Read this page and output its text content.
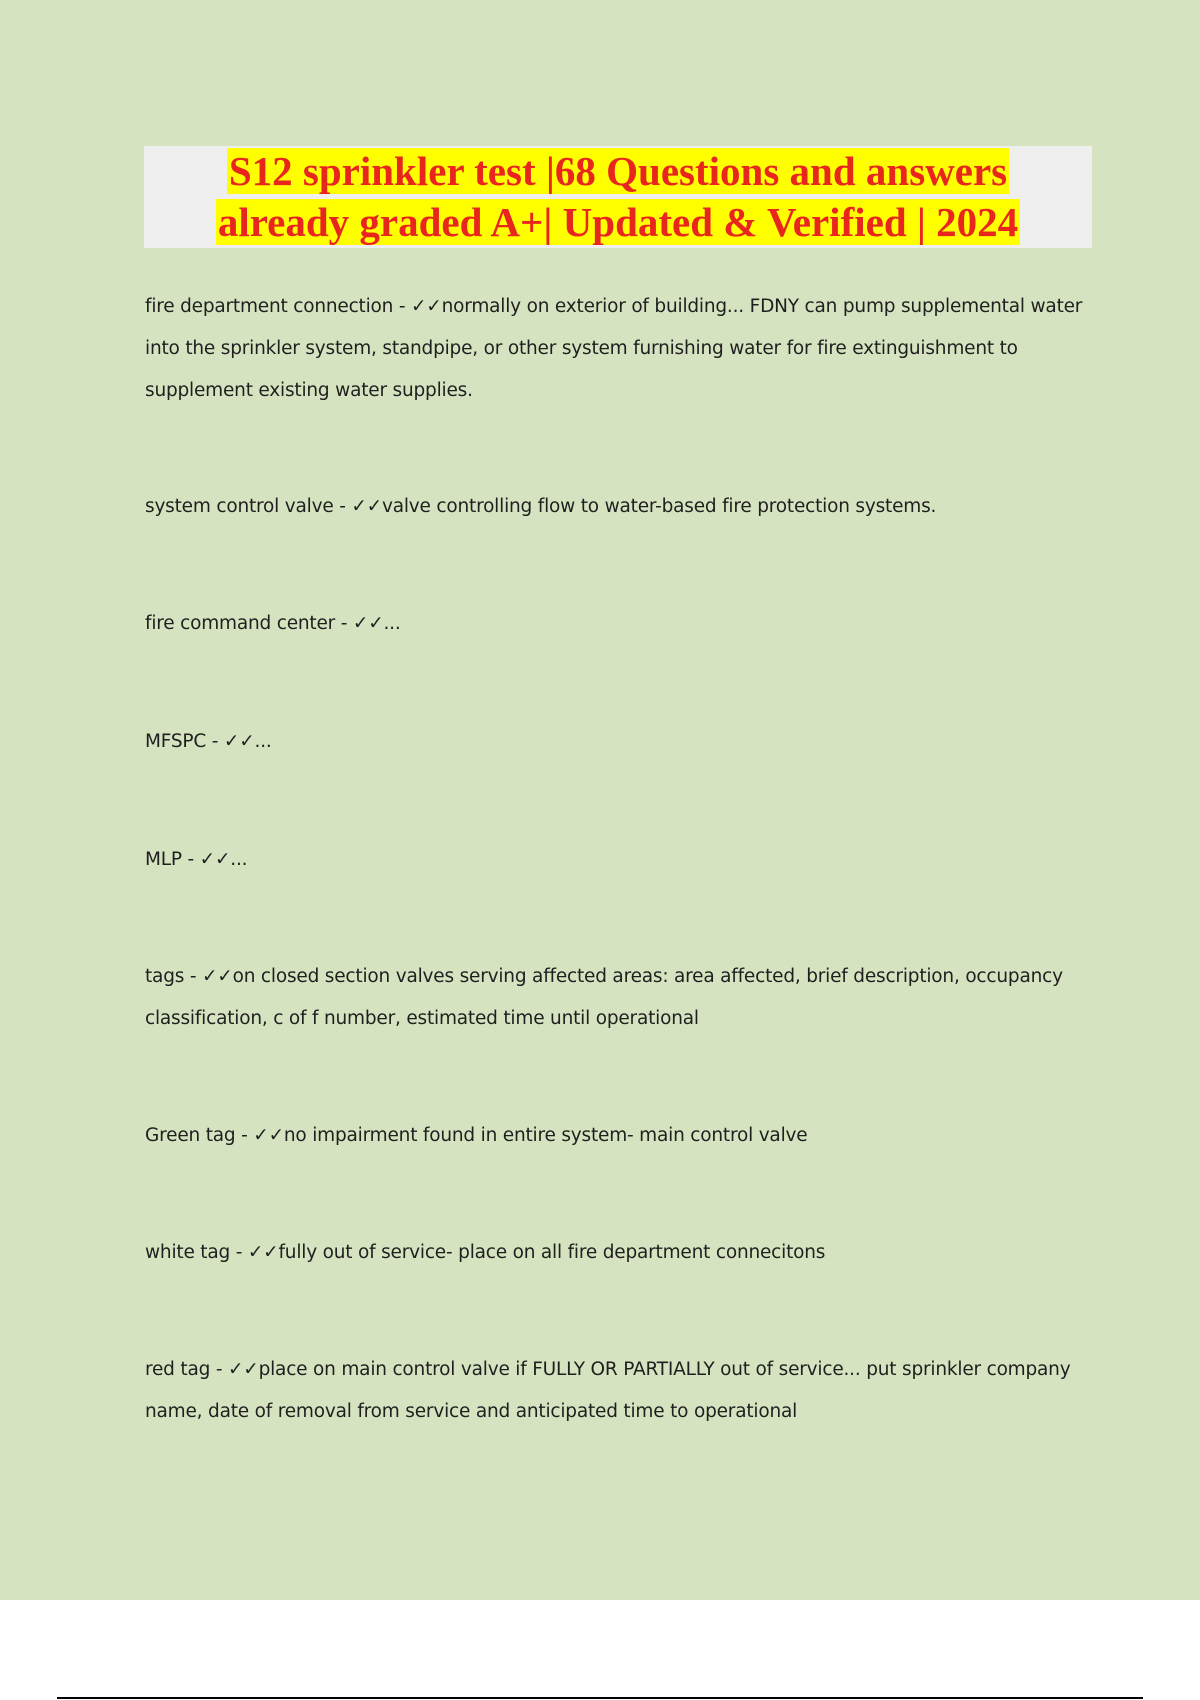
S12 sprinkler test |68 Questions and answers
already graded A+| Updated & Verified | 2024
fire department connection - ✓✓normally on exterior of building... FDNY can pump supplemental water
into the sprinkler system, standpipe, or other system furnishing water for fire extinguishment to
supplement existing water supplies.
system control valve - ✓✓valve controlling flow to water-based fire protection systems.
fire command center - ✓✓...
MFSPC - ✓✓...
MLP - ✓✓...
tags - ✓✓on closed section valves serving affected areas: area affected, brief description, occupancy
classification, c of f number, estimated time until operational
Green tag - ✓✓no impairment found in entire system- main control valve
white tag - ✓✓fully out of service- place on all fire department connecitons
red tag - ✓✓place on main control valve if FULLY OR PARTIALLY out of service... put sprinkler company
name, date of removal from service and anticipated time to operational
